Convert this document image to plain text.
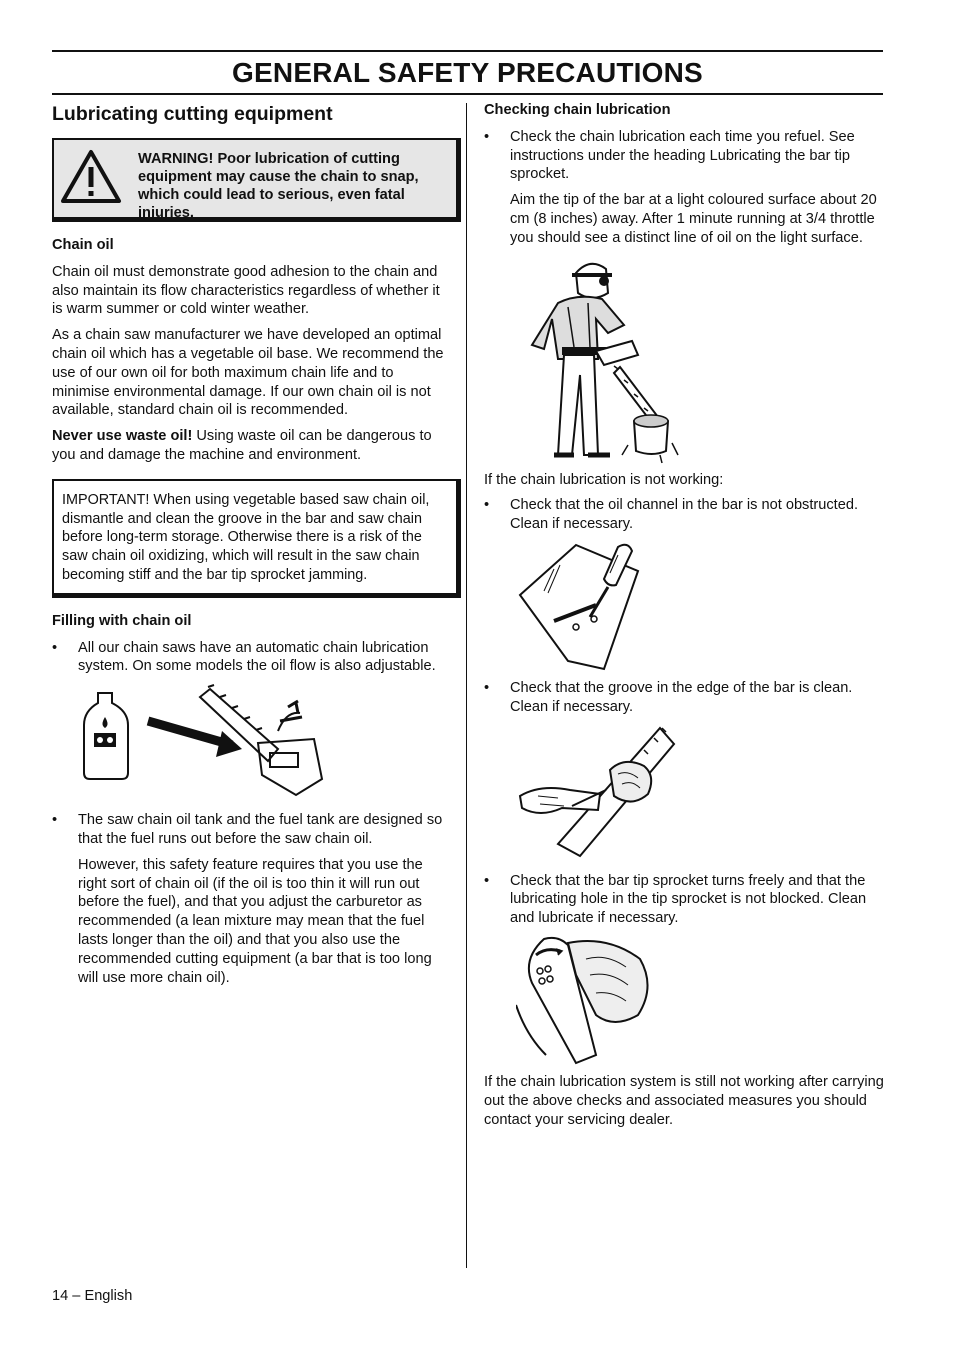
GENERAL SAFETY PRECAUTIONS
Lubricating cutting equipment
WARNING! Poor lubrication of cutting equipment may cause the chain to snap, which could lead to serious, even fatal injuries.
Chain oil

Chain oil must demonstrate good adhesion to the chain and also maintain its flow characteristics regardless of whether it is warm summer or cold winter weather.

As a chain saw manufacturer we have developed an optimal chain oil which has a vegetable oil base. We recommend the use of our own oil for both maximum chain life and to minimise environmental damage. If our own chain oil is not available, standard chain oil is recommended.

Never use waste oil! Using waste oil can be dangerous to you and damage the machine and environment.

IMPORTANT! When using vegetable based saw chain oil, dismantle and clean the groove in the bar and saw chain before long-term storage. Otherwise there is a risk of the saw chain oil oxidizing, which will result in the saw chain becoming stiff and the bar tip sprocket jamming.
Filling with chain oil
• All our chain saws have an automatic chain lubrication system. On some models the oil flow is also adjustable.
• The saw chain oil tank and the fuel tank are designed so that the fuel runs out before the saw chain oil.

However, this safety feature requires that you use the right sort of chain oil (if the oil is too thin it will run out before the fuel), and that you adjust the carburetor as recommended (a lean mixture may mean that the fuel lasts longer than the oil) and that you also use the recommended cutting equipment (a bar that is too long will use more chain oil).

Checking chain lubrication
• Check the chain lubrication each time you refuel. See instructions under the heading Lubricating the bar tip sprocket.

Aim the tip of the bar at a light coloured surface about 20 cm (8 inches) away. After 1 minute running at 3/4 throttle you should see a distinct line of oil on the light surface.

If the chain lubrication is not working:

• Check that the oil channel in the bar is not obstructed. Clean if necessary.
• Check that the groove in the edge of the bar is clean. Clean if necessary.
• Check that the bar tip sprocket turns freely and that the lubricating hole in the tip sprocket is not blocked. Clean and lubricate if necessary.

If the chain lubrication system is still not working after carrying out the above checks and associated measures you should contact your servicing dealer.

14 – English
